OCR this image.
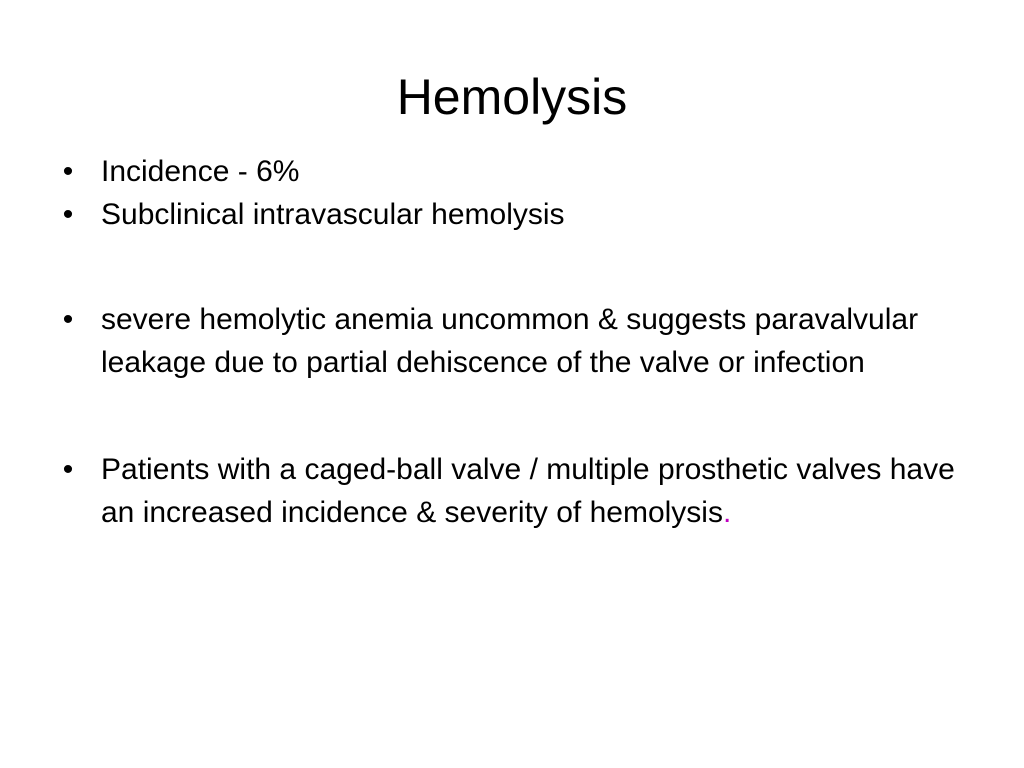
Hemolysis
• Incidence - 6%
• Subclinical intravascular hemolysis
• severe hemolytic anemia uncommon & suggests paravalvular leakage due to partial dehiscence of the valve or infection
• Patients with a caged-ball valve / multiple prosthetic valves have an increased incidence & severity of hemolysis.
